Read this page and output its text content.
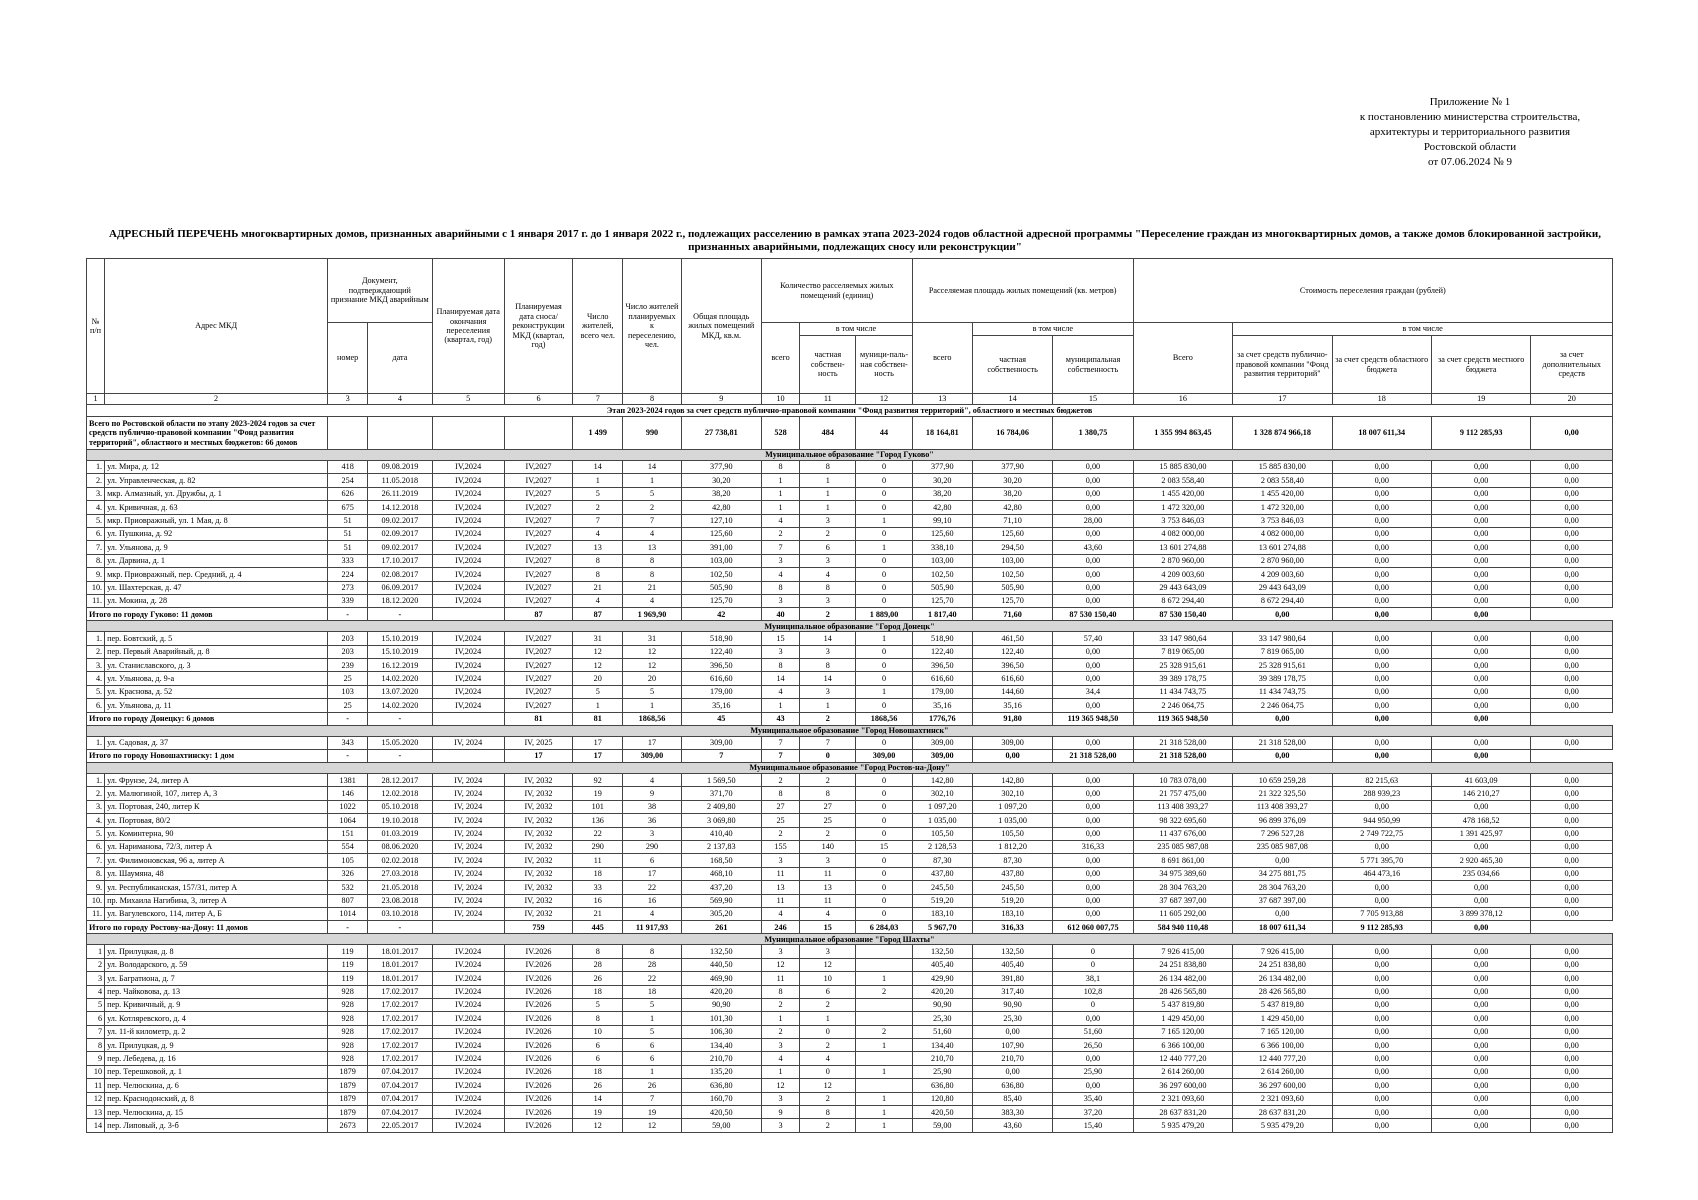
Приложение № 1
к постановлению министерства строительства,
архитектуры и территориального развития
Ростовской области
от 07.06.2024 № 9
АДРЕСНЫЙ ПЕРЕЧЕНЬ многоквартирных домов, признанных аварийными с 1 января 2017 г. до 1 января 2022 г., подлежащих расселению в рамках этапа 2023-2024 годов областной адресной программы "Переселение граждан из многоквартирных домов, а также домов блокированной застройки, признанных аварийными, подлежащих сносу или реконструкции"
№ п/п	Адрес МКД	Документ, подтверждающий признание МКД аварийным		Планируемая дата окончания переселения (квартал, год)	Планируемая дата сноса/реконструкции МКД (квартал, год)	Число жителей, всего чел.	Число жителей планируемых к переселению, чел.	Общая площадь жилых помещений МКД, кв.м.	Количество расселяемых жилых помещений (единиц)			Расселяемая площадь жилых помещений (кв. метров)			Стоимость переселения граждан (рублей)				
		номер	дата						всего	в том числе		всего	в том числе		Всего	в том числе			
										частная собствен-ность	муници-паль-ная собствен-ность		частная собственность	муниципальная собственность		за счет средств публично-правовой компании "Фонд развития территорий"	за счет средств областного бюджета	за счет средств местного бюджета	за счет дополнительных средств
1	2	3	4	5	6	7	8	9	10	11	12	13	14	15	16	17	18	19	20
Этап 2023-2024 годов за счет средств публично-правовой компании "Фонд развития территорий", областного и местных бюджетов																			
Всего по Ростовской области по этапу 2023-2024 годов за счет средств публично-правовой компании "Фонд развития территорий", областного и местных бюджетов: 66 домов						1 499	990	27 738,81	528	484	44	18 164,81	16 784,06	1 380,75	1 355 994 863,45	1 328 874 966,18	18 007 611,34	9 112 285,93	0,00
Муниципальное образование "Город Гуково"																			
1.	ул. Мира, д. 12	418	09.08.2019	IV,2024	IV,2027	14	14	377,90	8	8	0	377,90	377,90	0,00	15 885 830,00	15 885 830,00	0,00	0,00	0,00
2.	ул. Управленческая, д. 82	254	11.05.2018	IV,2024	IV,2027	1	1	30,20	1	1	0	30,20	30,20	0,00	2 083 558,40	2 083 558,40	0,00	0,00	0,00
3.	мкр. Алмазный, ул. Дружбы, д. 1	626	26.11.2019	IV,2024	IV,2027	5	5	38,20	1	1	0	38,20	38,20	0,00	1 455 420,00	1 455 420,00	0,00	0,00	0,00
4.	ул. Кривичная, д. 63	675	14.12.2018	IV,2024	IV,2027	2	2	42,80	1	1	0	42,80	42,80	0,00	1 472 320,00	1 472 320,00	0,00	0,00	0,00
5.	мкр. Приовражный, ул. 1 Мая, д. 8	51	09.02.2017	IV,2024	IV,2027	7	7	127,10	4	3	1	99,10	71,10	28,00	3 753 846,03	3 753 846,03	0,00	0,00	0,00
6.	ул. Пушкина, д. 92	51	02.09.2017	IV,2024	IV,2027	4	4	125,60	2	2	0	125,60	125,60	0,00	4 082 000,00	4 082 000,00	0,00	0,00	0,00
7.	ул. Ульянова, д. 9	51	09.02.2017	IV,2024	IV,2027	13	13	391,00	7	6	1	338,10	294,50	43,60	13 601 274,88	13 601 274,88	0,00	0,00	0,00
8.	ул. Дарвина, д. 1	333	17.10.2017	IV,2024	IV,2027	8	8	103,00	3	3	0	103,00	103,00	0,00	2 870 960,00	2 870 960,00	0,00	0,00	0,00
9.	мкр. Приовражный, пер. Средний, д. 4	224	02.08.2017	IV,2024	IV,2027	8	8	102,50	4	4	0	102,50	102,50	0,00	4 209 003,60	4 209 003,60	0,00	0,00	0,00
10.	ул. Шахтерская, д. 47	273	06.09.2017	IV,2024	IV,2027	21	21	505,90	8	8	0	505,90	505,90	0,00	29 443 643,09	29 443 643,09	0,00	0,00	0,00
11.	ул. Мокина, д. 28	339	18.12.2020	IV,2024	IV,2027	4	4	125,70	3	3	0	125,70	125,70	0,00	8 672 294,40	8 672 294,40	0,00	0,00	0,00
Итого по городу Гуково: 11 домов		-	-		87	87	1 969,90	42	40	2	1 889,00	1 817,40	71,60	87 530 150,40	87 530 150,40	0,00	0,00	0,00	
Муниципальное образование "Город Донецк"																			
1.	пер. Бовтский, д. 5	203	15.10.2019	IV,2024	IV,2027	31	31	518,90	15	14	1	518,90	461,50	57,40	33 147 980,64	33 147 980,64	0,00	0,00	0,00
2.	пер. Первый Аварийный, д. 8	203	15.10.2019	IV,2024	IV,2027	12	12	122,40	3	3	0	122,40	122,40	0,00	7 819 065,00	7 819 065,00	0,00	0,00	0,00
3.	ул. Станиславского, д. 3	239	16.12.2019	IV,2024	IV,2027	12	12	396,50	8	8	0	396,50	396,50	0,00	25 328 915,61	25 328 915,61	0,00	0,00	0,00
4.	ул. Ульянова, д. 9-а	25	14.02.2020	IV,2024	IV,2027	20	20	616,60	14	14	0	616,60	616,60	0,00	39 389 178,75	39 389 178,75	0,00	0,00	0,00
5.	ул. Краснова, д. 52	103	13.07.2020	IV,2024	IV,2027	5	5	179,00	4	3	1	179,00	144,60	34,4	11 434 743,75	11 434 743,75	0,00	0,00	0,00
6.	ул. Ульянова, д. 11	25	14.02.2020	IV,2024	IV,2027	1	1	35,16	1	1	0	35,16	35,16	0,00	2 246 064,75	2 246 064,75	0,00	0,00	0,00
Итого по городу Донецку: 6 домов		-	-		81	81	1868,56	45	43	2	1868,56	1776,76	91,80	119 365 948,50	119 365 948,50	0,00	0,00	0,00	
Муниципальное образование "Город Новошахтинск"																			
1.	ул. Садовая, д. 37	343	15.05.2020	IV, 2024	IV, 2025	17	17	309,00	7	7	0	309,00	309,00	0,00	21 318 528,00	21 318 528,00	0,00	0,00	0,00
Итого по городу Новошахтинску: 1 дом		-	-		17	17	309,00	7	7	0	309,00	309,00	0,00	21 318 528,00	21 318 528,00	0,00	0,00	0,00	
Муниципальное образование "Город Ростов-на-Дону"																			
1.	ул. Фрунзе, 24, литер А	1381	28.12.2017	IV, 2024	IV, 2032	92	4	1 569,50	2	2	0	142,80	142,80	0,00	10 783 078,00	10 659 259,28	82 215,63	41 603,09	0,00
2.	ул. Малюгиной, 107, литер А, З	146	12.02.2018	IV, 2024	IV, 2032	19	9	371,70	8	8	0	302,10	302,10	0,00	21 757 475,00	21 322 325,50	288 939,23	146 210,27	0,00
3.	ул. Портовая, 240, литер К	1022	05.10.2018	IV, 2024	IV, 2032	101	38	2 409,80	27	27	0	1 097,20	1 097,20	0,00	113 408 393,27	113 408 393,27	0,00	0,00	0,00
4.	ул. Портовая, 80/2	1064	19.10.2018	IV, 2024	IV, 2032	136	36	3 069,80	25	25	0	1 035,00	1 035,00	0,00	98 322 695,60	96 899 376,09	944 950,99	478 168,52	0,00
5.	ул. Коминтерна, 90	151	01.03.2019	IV, 2024	IV, 2032	22	3	410,40	2	2	0	105,50	105,50	0,00	11 437 676,00	7 296 527,28	2 749 722,75	1 391 425,97	0,00
6.	ул. Нариманова, 72/3, литер А	554	08.06.2020	IV, 2024	IV, 2032	290	290	2 137,83	155	140	15	2 128,53	1 812,20	316,33	235 085 987,08	235 085 987,08	0,00	0,00	0,00
7.	ул. Филимоновская, 96 а, литер А	105	02.02.2018	IV, 2024	IV, 2032	11	6	168,50	3	3	0	87,30	87,30	0,00	8 691 861,00	0,00	5 771 395,70	2 920 465,30	0,00
8.	ул. Шаумяна, 48	326	27.03.2018	IV, 2024	IV, 2032	18	17	468,10	11	11	0	437,80	437,80	0,00	34 975 389,60	34 275 881,75	464 473,16	235 034,66	0,00
9.	ул. Республиканская, 157/31, литер А	532	21.05.2018	IV, 2024	IV, 2032	33	22	437,20	13	13	0	245,50	245,50	0,00	28 304 763,20	28 304 763,20	0,00	0,00	0,00
10.	пр. Михаила Нагибина, 3, литер А	807	23.08.2018	IV, 2024	IV, 2032	16	16	569,90	11	11	0	519,20	519,20	0,00	37 687 397,00	37 687 397,00	0,00	0,00	0,00
11.	ул. Вагулевского, 114, литер А, Б	1014	03.10.2018	IV, 2024	IV, 2032	21	4	305,20	4	4	0	183,10	183,10	0,00	11 605 292,00	0,00	7 705 913,88	3 899 378,12	0,00
Итого по городу Ростову-на-Дону: 11 домов		-	-		759	445	11 917,93	261	246	15	6 284,03	5 967,70	316,33	612 060 007,75	584 940 110,48	18 007 611,34	9 112 285,93	0,00	
Муниципальное образование "Город Шахты"																			
1	ул. Прилуцкая, д. 8	119	18.01.2017	IV.2024	IV.2026	8	8	132,50	3	3		132,50	132,50	0	7 926 415,00	7 926 415,00	0,00	0,00	0,00
2	ул. Володарского, д. 59	119	18.01.2017	IV.2024	IV.2026	28	28	440,50	12	12		405,40	405,40	0	24 251 838,80	24 251 838,80	0,00	0,00	0,00
3	ул. Багратиона, д. 7	119	18.01.2017	IV.2024	IV.2026	26	22	469,90	11	10	1	429,90	391,80	38,1	26 134 482,00	26 134 482,00	0,00	0,00	0,00
4	пер. Чайковова, д. 13	928	17.02.2017	IV.2024	IV.2026	18	18	420,20	8	6	2	420,20	317,40	102,8	28 426 565,80	28 426 565,80	0,00	0,00	0,00
5	пер. Кривичный, д. 9	928	17.02.2017	IV.2024	IV.2026	5	5	90,90	2	2		90,90	90,90	0	5 437 819,80	5 437 819,80	0,00	0,00	0,00
6	ул. Котляревского, д. 4	928	17.02.2017	IV.2024	IV.2026	8	1	101,30	1	1		25,30	25,30	0,00	1 429 450,00	1 429 450,00	0,00	0,00	0,00
7	ул. 11-й километр, д. 2	928	17.02.2017	IV.2024	IV.2026	10	5	106,30	2	0	2	51,60	0,00	51,60	7 165 120,00	7 165 120,00	0,00	0,00	0,00
8	ул. Прилуцкая, д. 9	928	17.02.2017	IV.2024	IV.2026	6	6	134,40	3	2	1	134,40	107,90	26,50	6 366 100,00	6 366 100,00	0,00	0,00	0,00
9	пер. Лебедева, д. 16	928	17.02.2017	IV.2024	IV.2026	6	6	210,70	4	4		210,70	210,70	0,00	12 440 777,20	12 440 777,20	0,00	0,00	0,00
10	пер. Терешковой, д. 1	1879	07.04.2017	IV.2024	IV.2026	18	1	135,20	1	0	1	25,90	0,00	25,90	2 614 260,00	2 614 260,00	0,00	0,00	0,00
11	пер. Челюскина, д. 6	1879	07.04.2017	IV.2024	IV.2026	26	26	636,80	12	12		636,80	636,80	0,00	36 297 600,00	36 297 600,00	0,00	0,00	0,00
12	пер. Краснодонский, д. 8	1879	07.04.2017	IV.2024	IV.2026	14	7	160,70	3	2	1	120,80	85,40	35,40	2 321 093,60	2 321 093,60	0,00	0,00	0,00
13	пер. Челюскина, д. 15	1879	07.04.2017	IV.2024	IV.2026	19	19	420,50	9	8	1	420,50	383,30	37,20	28 637 831,20	28 637 831,20	0,00	0,00	0,00
14	пер. Липовый, д. 3-б	2673	22.05.2017	IV.2024	IV.2026	12	12	59,00	3	2	1	59,00	43,60	15,40	5 935 479,20	5 935 479,20	0,00	0,00	0,00
